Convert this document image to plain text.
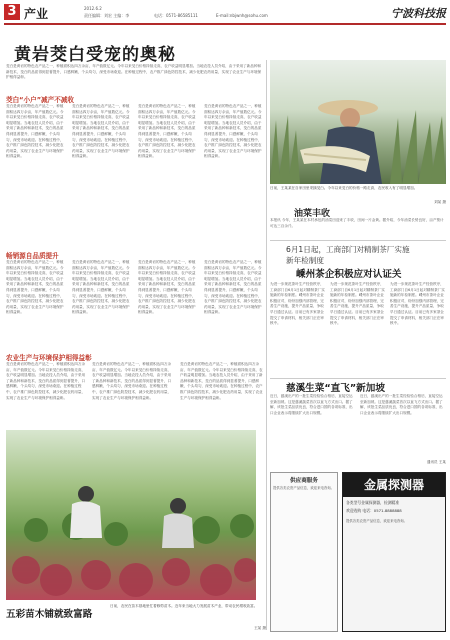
3 产业	2012.6.2
责任编辑：刘宏 主编：李	电话：0571-86585111	E-mail:nbjwnh@sohu.com	宁波科技报
黄岩茭白受宠的奥秘
茭白是黄岩的特色农产品之一，种植面积达四万余亩，年产值数亿元。今年以来茭白价格持续走高，农户收益明显增加。当地农技人员介绍，由于采用了新品种和新技术，茭白的品质得到显著提升，口感鲜嫩，个头均匀，深受市场欢迎。在种植过程中，农户推广绿色防控技术，减少化肥农药用量，实现了农业生产与环境保护相得益彰。
茭白“小户”减产不减收
茭白是黄岩的特色农产品之一，种植面积达四万余亩，年产值数亿元。今年以来茭白价格持续走高，农户收益明显增加。当地农技人员介绍，由于采用了新品种和新技术，茭白的品质得到显著提升，口感鲜嫩，个头均匀，深受市场欢迎。在种植过程中，农户推广绿色防控技术，减少化肥农药用量，实现了农业生产与环境保护相得益彰。
茭白是黄岩的特色农产品之一，种植面积达四万余亩，年产值数亿元。今年以来茭白价格持续走高，农户收益明显增加。当地农技人员介绍，由于采用了新品种和新技术，茭白的品质得到显著提升，口感鲜嫩，个头均匀，深受市场欢迎。在种植过程中，农户推广绿色防控技术，减少化肥农药用量，实现了农业生产与环境保护相得益彰。
茭白是黄岩的特色农产品之一，种植面积达四万余亩，年产值数亿元。今年以来茭白价格持续走高，农户收益明显增加。当地农技人员介绍，由于采用了新品种和新技术，茭白的品质得到显著提升，口感鲜嫩，个头均匀，深受市场欢迎。在种植过程中，农户推广绿色防控技术，减少化肥农药用量，实现了农业生产与环境保护相得益彰。
茭白是黄岩的特色农产品之一，种植面积达四万余亩，年产值数亿元。今年以来茭白价格持续走高，农户收益明显增加。当地农技人员介绍，由于采用了新品种和新技术，茭白的品质得到显著提升，口感鲜嫩，个头均匀，深受市场欢迎。在种植过程中，农户推广绿色防控技术，减少化肥农药用量，实现了农业生产与环境保护相得益彰。
畅销源自品质提升
茭白是黄岩的特色农产品之一，种植面积达四万余亩，年产值数亿元。今年以来茭白价格持续走高，农户收益明显增加。当地农技人员介绍，由于采用了新品种和新技术，茭白的品质得到显著提升，口感鲜嫩，个头均匀，深受市场欢迎。在种植过程中，农户推广绿色防控技术，减少化肥农药用量，实现了农业生产与环境保护相得益彰。
茭白是黄岩的特色农产品之一，种植面积达四万余亩，年产值数亿元。今年以来茭白价格持续走高，农户收益明显增加。当地农技人员介绍，由于采用了新品种和新技术，茭白的品质得到显著提升，口感鲜嫩，个头均匀，深受市场欢迎。在种植过程中，农户推广绿色防控技术，减少化肥农药用量，实现了农业生产与环境保护相得益彰。
茭白是黄岩的特色农产品之一，种植面积达四万余亩，年产值数亿元。今年以来茭白价格持续走高，农户收益明显增加。当地农技人员介绍，由于采用了新品种和新技术，茭白的品质得到显著提升，口感鲜嫩，个头均匀，深受市场欢迎。在种植过程中，农户推广绿色防控技术，减少化肥农药用量，实现了农业生产与环境保护相得益彰。
茭白是黄岩的特色农产品之一，种植面积达四万余亩，年产值数亿元。今年以来茭白价格持续走高，农户收益明显增加。当地农技人员介绍，由于采用了新品种和新技术，茭白的品质得到显著提升，口感鲜嫩，个头均匀，深受市场欢迎。在种植过程中，农户推广绿色防控技术，减少化肥农药用量，实现了农业生产与环境保护相得益彰。
农业生产与环境保护相得益彰
茭白是黄岩的特色农产品之一，种植面积达四万余亩，年产值数亿元。今年以来茭白价格持续走高，农户收益明显增加。当地农技人员介绍，由于采用了新品种和新技术，茭白的品质得到显著提升，口感鲜嫩，个头均匀，深受市场欢迎。在种植过程中，农户推广绿色防控技术，减少化肥农药用量，实现了农业生产与环境保护相得益彰。
茭白是黄岩的特色农产品之一，种植面积达四万余亩，年产值数亿元。今年以来茭白价格持续走高，农户收益明显增加。当地农技人员介绍，由于采用了新品种和新技术，茭白的品质得到显著提升，口感鲜嫩，个头均匀，深受市场欢迎。在种植过程中，农户推广绿色防控技术，减少化肥农药用量，实现了农业生产与环境保护相得益彰。
茭白是黄岩的特色农产品之一，种植面积达四万余亩，年产值数亿元。今年以来茭白价格持续走高，农户收益明显增加。当地农技人员介绍，由于采用了新品种和新技术，茭白的品质得到显著提升，口感鲜嫩，个头均匀，深受市场欢迎。在种植过程中，农户推广绿色防控技术，减少化肥农药用量，实现了农业生产与环境保护相得益彰。
日前，王某某在自家田里采摘茭白。今年以来茭白的价格一路走高，农民收入有了明显增加。
刘某 摄
油菜丰收
本报讯 今年，王某某在本村承包的油菜田迎来了丰收，田间一片金黄。据介绍，今年油菜长势良好，亩产预计可达三百余斤。
6月1日起，工商部门对精制茶厂实施
新年检制度
嵊州茶企积极应对认证关
为进一步规范茶叶生产经营秩序，工商部门自6月1日起对精制茶厂实施新的年检制度。嵊州市茶叶企业积极应对，纷纷加强内部管理，完善生产设施，提升产品质量，争取早日通过认证。目前已有多家茶企提交了申请材料，相关部门正在审核中。
为进一步规范茶叶生产经营秩序，工商部门自6月1日起对精制茶厂实施新的年检制度。嵊州市茶叶企业积极应对，纷纷加强内部管理，完善生产设施，提升产品质量，争取早日通过认证。目前已有多家茶企提交了申请材料，相关部门正在审核中。
为进一步规范茶叶生产经营秩序，工商部门自6月1日起对精制茶厂实施新的年检制度。嵊州市茶叶企业积极应对，纷纷加强内部管理，完善生产设施，提升产品质量，争取早日通过认证。目前已有多家茶企提交了申请材料，相关部门正在审核中。
慈溪生菜“直飞”新加坡
近日，慈溪出产的一批生菜经检验合格后，直接空运至新加坡。这是慈溪蔬菜首次以直飞方式出口。据了解，该批生菜品质优良，符合进口国的各项标准，出口企业表示将继续扩大出口规模。
近日，慈溪出产的一批生菜经检验合格后，直接空运至新加坡。这是慈溪蔬菜首次以直飞方式出口。据了解，该批生菜品质优良，符合进口国的各项标准，出口企业表示将继续扩大出口规模。
通讯员 王某
供应商服务
提供各类农资产品信息，欢迎来电咨询。	金属探测器
各类型号金属探测器，检测精准
欢迎选购 电话：0571-8888888
提供各类农资产品信息，欢迎来电咨询。
五彩苗木铺就致富路
日前，农民在苗木基地里忙着修剪苗木。近年来当地大力发展苗木产业，带动农民增收致富。
王某 摄
